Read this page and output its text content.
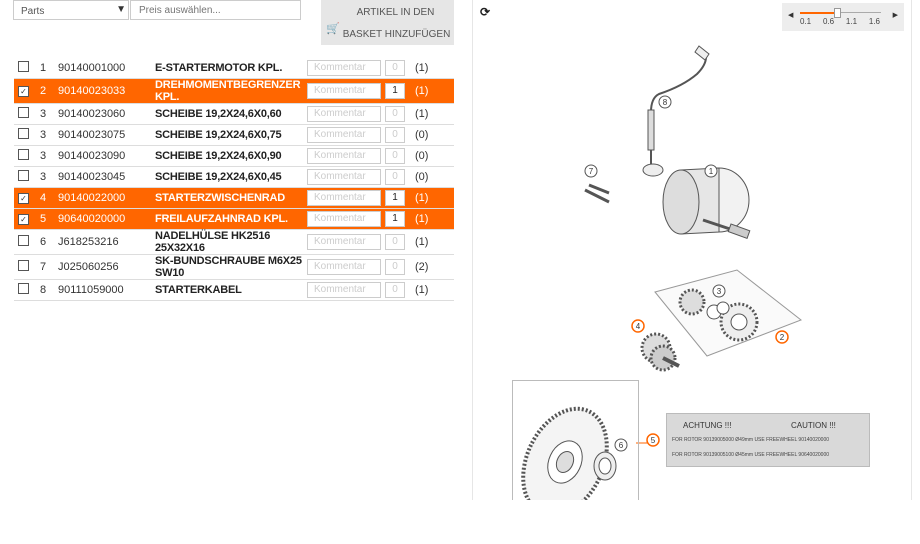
Parts	▼
Preis auswählen...
🛒
ARTIKEL IN DEN
BASKET HINZUFÜGEN
	1	90140001000	E-STARTERMOTOR KPL.	Kommentar	0	(1)
✓	2	90140023033	DREHMOMENTBEGRENZER KPL.	Kommentar	1	(1)
	3	90140023060	SCHEIBE 19,2X24,6X0,60	Kommentar	0	(1)
	3	90140023075	SCHEIBE 19,2X24,6X0,75	Kommentar	0	(0)
	3	90140023090	SCHEIBE 19,2X24,6X0,90	Kommentar	0	(0)
	3	90140023045	SCHEIBE 19,2X24,6X0,45	Kommentar	0	(0)
✓	4	90140022000	STARTERZWISCHENRAD	Kommentar	1	(1)
✓	5	90640020000	FREILAUFZAHNRAD KPL.	Kommentar	1	(1)
	6	J618253216	NADELHÜLSE HK2516 25X32X16	Kommentar	0	(1)
	7	J025060256	SK-BUNDSCHRAUBE M6X25 SW10	Kommentar	0	(2)
	8	90111059000	STARTERKABEL	Kommentar	0	(1)
⟳	◀
0.1 0.6 1.1 1.6
▶
8
1
7
3
2
4
5
6
ACHTUNG !!!	CAUTION !!!
FOR ROTOR 90139005000 Ø49mm USE FREEWHEEL 90140020000
FOR ROTOR 90139005100 Ø45mm USE FREEWHEEL 90640020000
